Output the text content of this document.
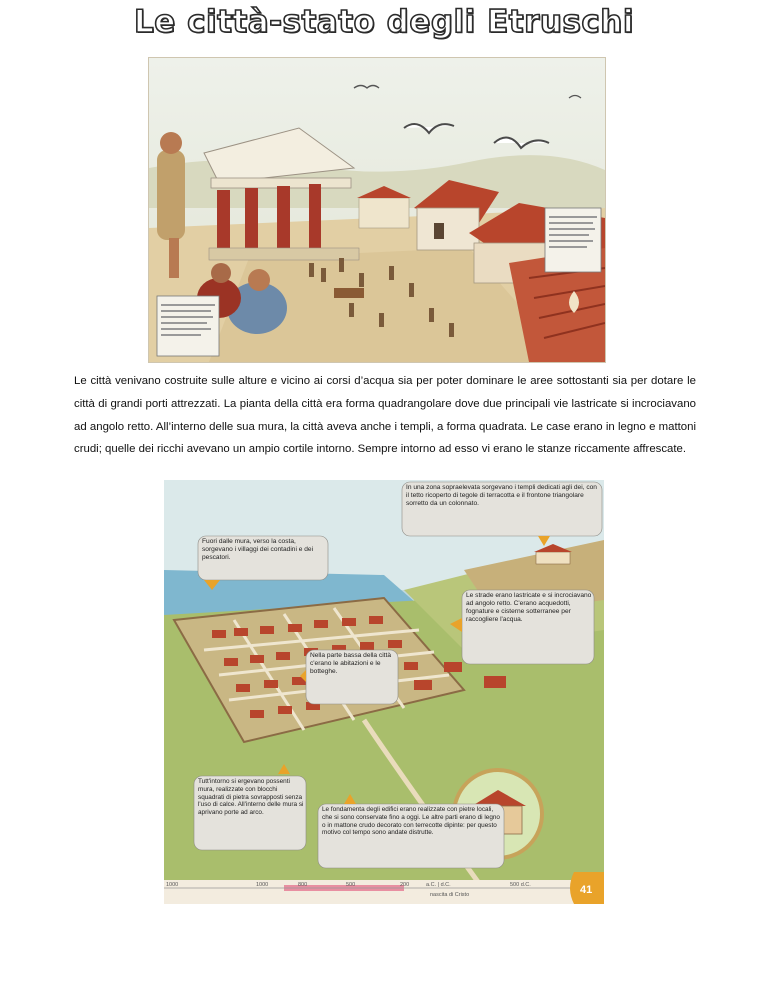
Le città-stato degli Etruschi

Le città venivano costruite sulle alture e vicino ai corsi d’acqua sia per poter dominare le aree sottostanti sia per dotare le città di grandi porti attrezzati. La pianta della città era forma quadrangolare dove due principali vie lastricate si incrociavano ad angolo retto. All’interno delle sua mura, la città aveva anche i templi, a forma quadrata. Le case erano in legno e mattoni crudi; quelle dei ricchi avevano un ampio cortile intorno. Sempre intorno ad esso vi erano le stanze riccamente affrescate.

In una zona sopraelevata sorgevano i templi dedicati agli dei, con il tetto ricoperto di tegole di terracotta e il frontone triangolare sorretto da un colonnato.
Fuori dalle mura, verso la costa, sorgevano i villaggi dei contadini e dei pescatori.
Le strade erano lastricate e si incrociavano ad angolo retto. C'erano acquedotti, fognature e cisterne sotterranee per raccogliere l'acqua.
Nella parte bassa della città c'erano le abitazioni e le botteghe.
Tutt'intorno si ergevano possenti mura, realizzate con blocchi squadrati di pietra sovrapposti senza l'uso di calce. All'interno delle mura si aprivano porte ad arco.	Le fondamenta degli edifici erano realizzate con pietre locali, che si sono conservate fino a oggi. Le altre parti erano di legno o in mattone crudo decorato con terrecotte dipinte: per questo motivo col tempo sono andate distrutte.
1000	1000	800	500	200	a.C. | d.C.	500 d.C.
nascita di Cristo	41
